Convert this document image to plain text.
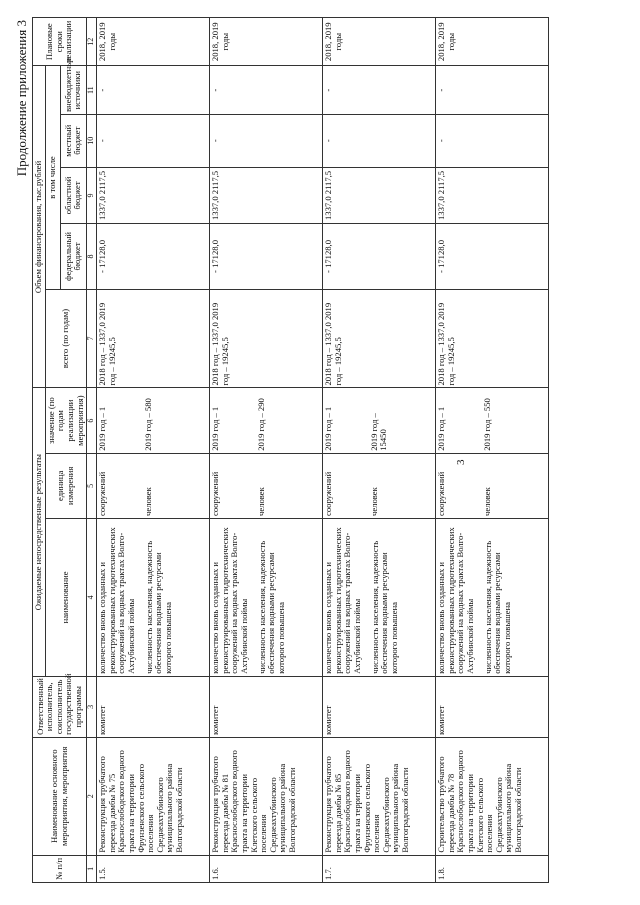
3
Продолжение приложения 3
№ п/п	Наименование основного мероприятия, мероприятия	Ответственный исполнитель, соисполнитель государственной программы	Ожидаемые непосредственные результаты			Объем финансирования, тыс.рублей					Плановые сроки реализации
			наименование	единица измерения	значение (по годам реализации мероприятия)	всего (по годам)	в том числе				
							федеральный бюджет	областной бюджет	местный бюджет	внебюджетные источники	
1	2	3	4	5	6	7	8	9	10	11	12
1.5.	Реконструкция трубчатого переезда дамбы № 75 Краснослободского водного тракта на территории Фрунзенского сельского поселения Среднеахтубинского муниципального района Волгоградской области	комитет	количество вновь созданных и реконструированных гидротехнических сооружений на водных трактах Волго-Ахтубинской поймы численность населения, надежность обеспечения водными ресурсами которого повышена	сооружений человек	2019 год – 1 2019 год – 580	2018 год – 1337,0 2019 год – 19245,5	- 17128,0	1337,0 2117,5	-	-	2018, 2019 годы
1.6.	Реконструкция трубчатого переезда дамбы № 81 Краснослободского водного тракта на территории Клетского сельского поселения Среднеахтубинского муниципального района Волгоградской области	комитет	количество вновь созданных и реконструированных гидротехнических сооружений на водных трактах Волго-Ахтубинской поймы численность населения, надежность обеспечения водными ресурсами которого повышена	сооружений человек	2019 год – 1 2019 год – 290	2018 год – 1337,0 2019 год – 19245,5	- 17128,0	1337,0 2117,5	-	-	2018, 2019 годы
1.7.	Реконструкция трубчатого переезда дамбы № 85 Краснослободского водного тракта на территории Фрунзенского сельского поселения Среднеахтубинского муниципального района Волгоградской области	комитет	количество вновь созданных и реконструированных гидротехнических сооружений на водных трактах Волго-Ахтубинской поймы численность населения, надежность обеспечения водными ресурсами которого повышена	сооружений человек	2019 год – 1 2019 год – 15450	2018 год – 1337,0 2019 год – 19245,5	- 17128,0	1337,0 2117,5	-	-	2018, 2019 годы
1.8.	Строительство трубчатого переезда дамбы № 78 Краснослободского водного тракта на территории Клетского сельского поселения Среднеахтубинского муниципального района Волгоградской области	комитет	количество вновь созданных и реконструированных гидротехнических сооружений на водных трактах Волго-Ахтубинской поймы численность населения, надежность обеспечения водными ресурсами которого повышена	сооружений человек	2019 год – 1 2019 год – 550	2018 год – 1337,0 2019 год – 19245,5	- 17128,0	1337,0 2117,5	-	-	2018, 2019 годы
